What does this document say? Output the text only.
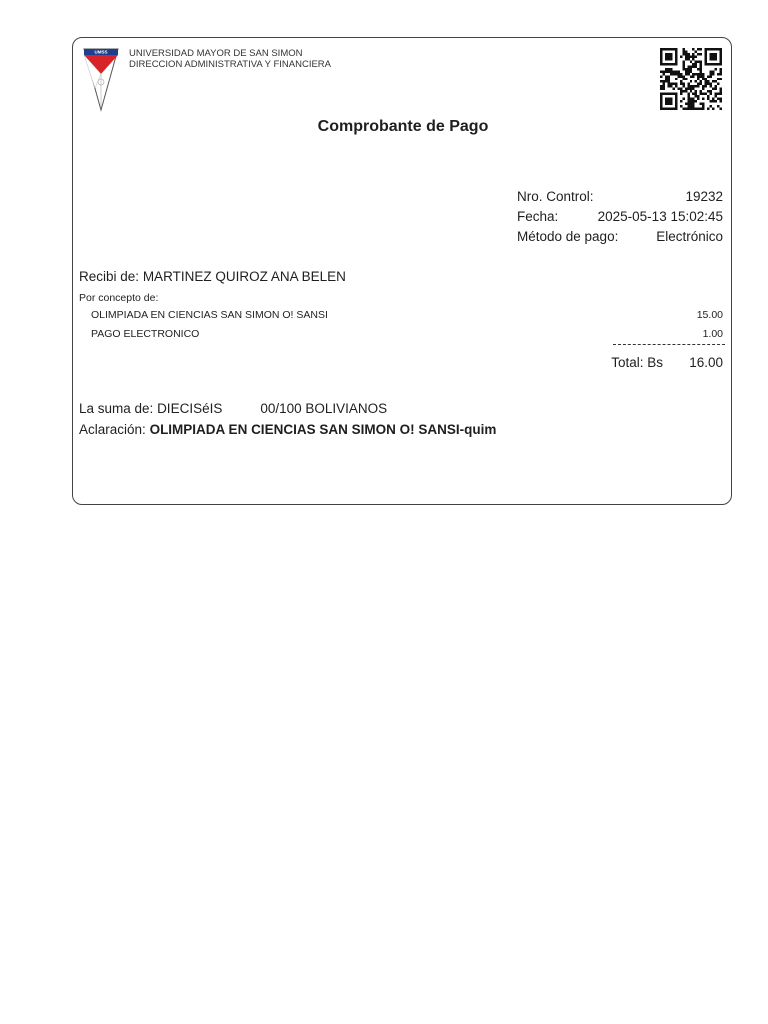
UMSS UNIVERSIDAD MAYOR DE SAN SIMON
DIRECCION ADMINISTRATIVA Y FINANCIERA
Comprobante de Pago
Nro. Control:	19232
Fecha:	2025-05-13 15:02:45
Método de pago:	Electrónico
Recibi de: MARTINEZ QUIROZ ANA BELEN
Por concepto de:
OLIMPIADA EN CIENCIAS SAN SIMON O! SANSI	15.00
PAGO ELECTRONICO	1.00
Total: Bs 16.00
La suma de: DIECISéIS	00/100 BOLIVIANOS
Aclaración: OLIMPIADA EN CIENCIAS SAN SIMON O! SANSI-quim
